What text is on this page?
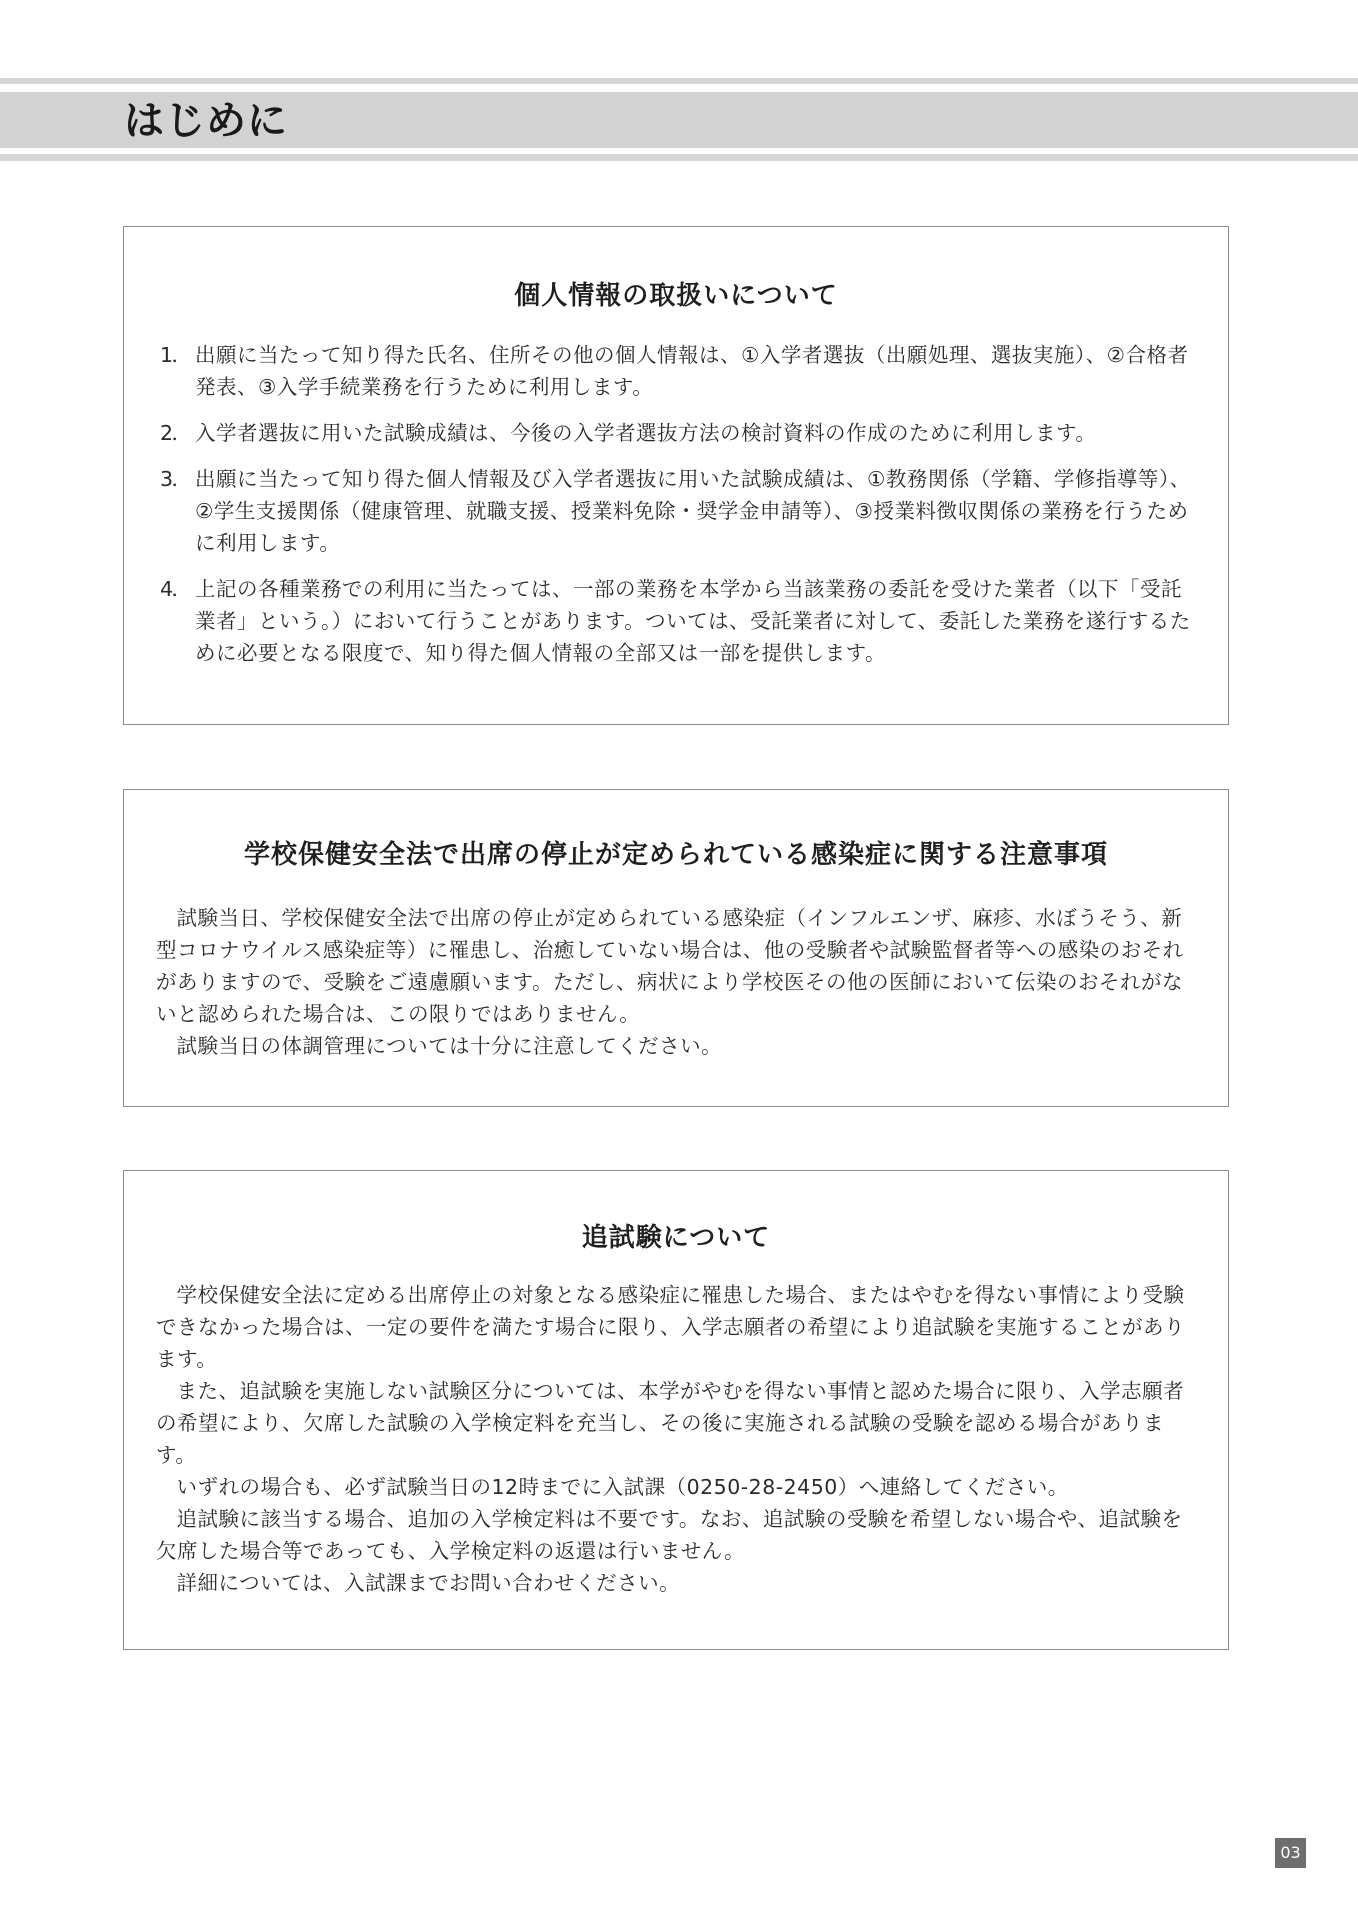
はじめに
個人情報の取扱いについて
1 ．	出願に当たって知り得た氏名、住所その他の個人情報は、①入学者選抜（出願処理、選抜実施）、②合格者発表、③入学手続業務を行うために利用します。
2 ．	入学者選抜に用いた試験成績は、今後の入学者選抜方法の検討資料の作成のために利用します。
3 ．	出願に当たって知り得た個人情報及び入学者選抜に用いた試験成績は、①教務関係（学籍、学修指導等）、②学生支援関係（健康管理、就職支援、授業料免除・奨学金申請等）、③授業料徴収関係の業務を行うために利用します。
4 ．	上記の各種業務での利用に当たっては、一部の業務を本学から当該業務の委託を受けた業者（以下「受託業者」という。）において行うことがあります。ついては、受託業者に対して、委託した業務を遂行するために必要となる限度で、知り得た個人情報の全部又は一部を提供します。
学校保健安全法で出席の停止が定められている感染症に関する注意事項

試験当日、学校保健安全法で出席の停止が定められている感染症（インフルエンザ、麻疹、水ぼうそう、新型コロナウイルス感染症等）に罹患し、治癒していない場合は、他の受験者や試験監督者等への感染のおそれがありますので、受験をご遠慮願います。ただし、病状により学校医その他の医師において伝染のおそれがないと認められた場合は、この限りではありません。

試験当日の体調管理については十分に注意してください。

追試験について

学校保健安全法に定める出席停止の対象となる感染症に罹患した場合、またはやむを得ない事情により受験できなかった場合は、一定の要件を満たす場合に限り、入学志願者の希望により追試験を実施することがあります。

また、追試験を実施しない試験区分については、本学がやむを得ない事情と認めた場合に限り、入学志願者の希望により、欠席した試験の入学検定料を充当し、その後に実施される試験の受験を認める場合があります。

いずれの場合も、必ず試験当日の12時までに入試課（0250-28-2450）へ連絡してください。

追試験に該当する場合、追加の入学検定料は不要です。なお、追試験の受験を希望しない場合や、追試験を欠席した場合等であっても、入学検定料の返還は行いません。

詳細については、入試課までお問い合わせください。

03
